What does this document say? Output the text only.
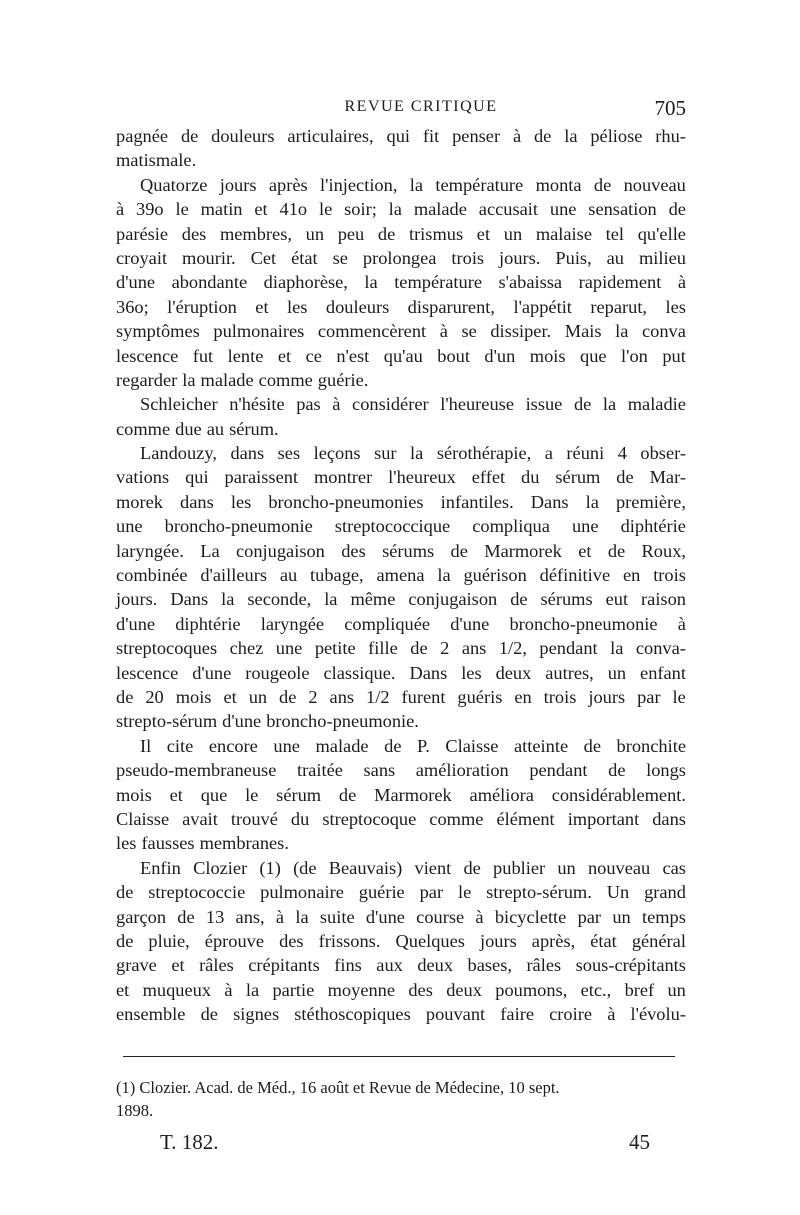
REVUE CRITIQUE	705
pagnée de douleurs articulaires, qui fit penser à de la péliose rhu-
matismale.
Quatorze jours après l'injection, la température monta de nouveau
à 39o le matin et 41o le soir; la malade accusait une sensation de
parésie des membres, un peu de trismus et un malaise tel qu'elle
croyait mourir. Cet état se prolongea trois jours. Puis, au milieu
d'une abondante diaphorèse, la température s'abaissa rapidement à
36o; l'éruption et les douleurs disparurent, l'appétit reparut, les
symptômes pulmonaires commencèrent à se dissiper. Mais la conva
lescence fut lente et ce n'est qu'au bout d'un mois que l'on put
regarder la malade comme guérie.
Schleicher n'hésite pas à considérer l'heureuse issue de la maladie
comme due au sérum.
Landouzy, dans ses leçons sur la sérothérapie, a réuni 4 obser-
vations qui paraissent montrer l'heureux effet du sérum de Mar-
morek dans les broncho-pneumonies infantiles. Dans la première,
une broncho-pneumonie streptococcique compliqua une diphtérie
laryngée. La conjugaison des sérums de Marmorek et de Roux,
combinée d'ailleurs au tubage, amena la guérison définitive en trois
jours. Dans la seconde, la même conjugaison de sérums eut raison
d'une diphtérie laryngée compliquée d'une broncho-pneumonie à
streptocoques chez une petite fille de 2 ans 1/2, pendant la conva-
lescence d'une rougeole classique. Dans les deux autres, un enfant
de 20 mois et un de 2 ans 1/2 furent guéris en trois jours par le
strepto-sérum d'une broncho-pneumonie.
Il cite encore une malade de P. Claisse atteinte de bronchite
pseudo-membraneuse traitée sans amélioration pendant de longs
mois et que le sérum de Marmorek améliora considérablement.
Claisse avait trouvé du streptocoque comme élément important dans
les fausses membranes.
Enfin Clozier (1) (de Beauvais) vient de publier un nouveau cas
de streptococcie pulmonaire guérie par le strepto-sérum. Un grand
garçon de 13 ans, à la suite d'une course à bicyclette par un temps
de pluie, éprouve des frissons. Quelques jours après, état général
grave et râles crépitants fins aux deux bases, râles sous-crépitants
et muqueux à la partie moyenne des deux poumons, etc., bref un
ensemble de signes stéthoscopiques pouvant faire croire à l'évolu-
(1) Clozier. Acad. de Méd., 16 août et Revue de Médecine, 10 sept.
1898.
T. 182.	45
